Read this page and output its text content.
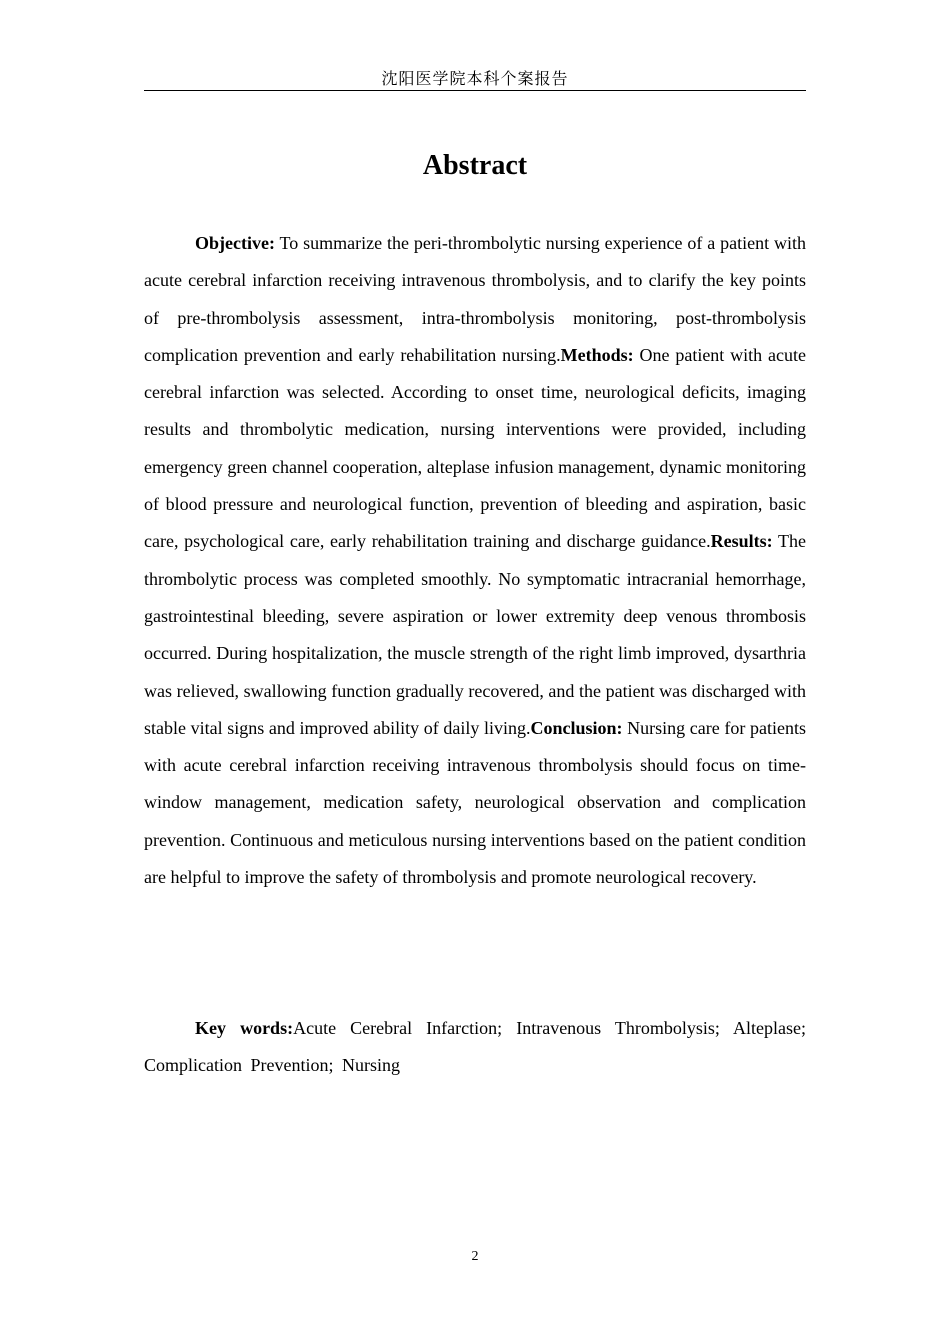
沈阳医学院本科个案报告
Abstract

Objective: To summarize the peri-thrombolytic nursing experience of a patient with acute cerebral infarction receiving intravenous thrombolysis, and to clarify the key points of pre-thrombolysis assessment, intra-thrombolysis monitoring, post-thrombolysis complication prevention and early rehabilitation nursing.Methods: One patient with acute cerebral infarction was selected. According to onset time, neurological deficits, imaging results and thrombolytic medication, nursing interventions were provided, including emergency green channel cooperation, alteplase infusion management, dynamic monitoring of blood pressure and neurological function, prevention of bleeding and aspiration, basic care, psychological care, early rehabilitation training and discharge guidance.Results: The thrombolytic process was completed smoothly. No symptomatic intracranial hemorrhage, gastrointestinal bleeding, severe aspiration or lower extremity deep venous thrombosis occurred. During hospitalization, the muscle strength of the right limb improved, dysarthria was relieved, swallowing function gradually recovered, and the patient was discharged with stable vital signs and improved ability of daily living.Conclusion: Nursing care for patients with acute cerebral infarction receiving intravenous thrombolysis should focus on time-window management, medication safety, neurological observation and complication prevention. Continuous and meticulous nursing interventions based on the patient condition are helpful to improve the safety of thrombolysis and promote neurological recovery.

Key words:Acute Cerebral Infarction; Intravenous Thrombolysis; Alteplase; Complication Prevention; Nursing

2
